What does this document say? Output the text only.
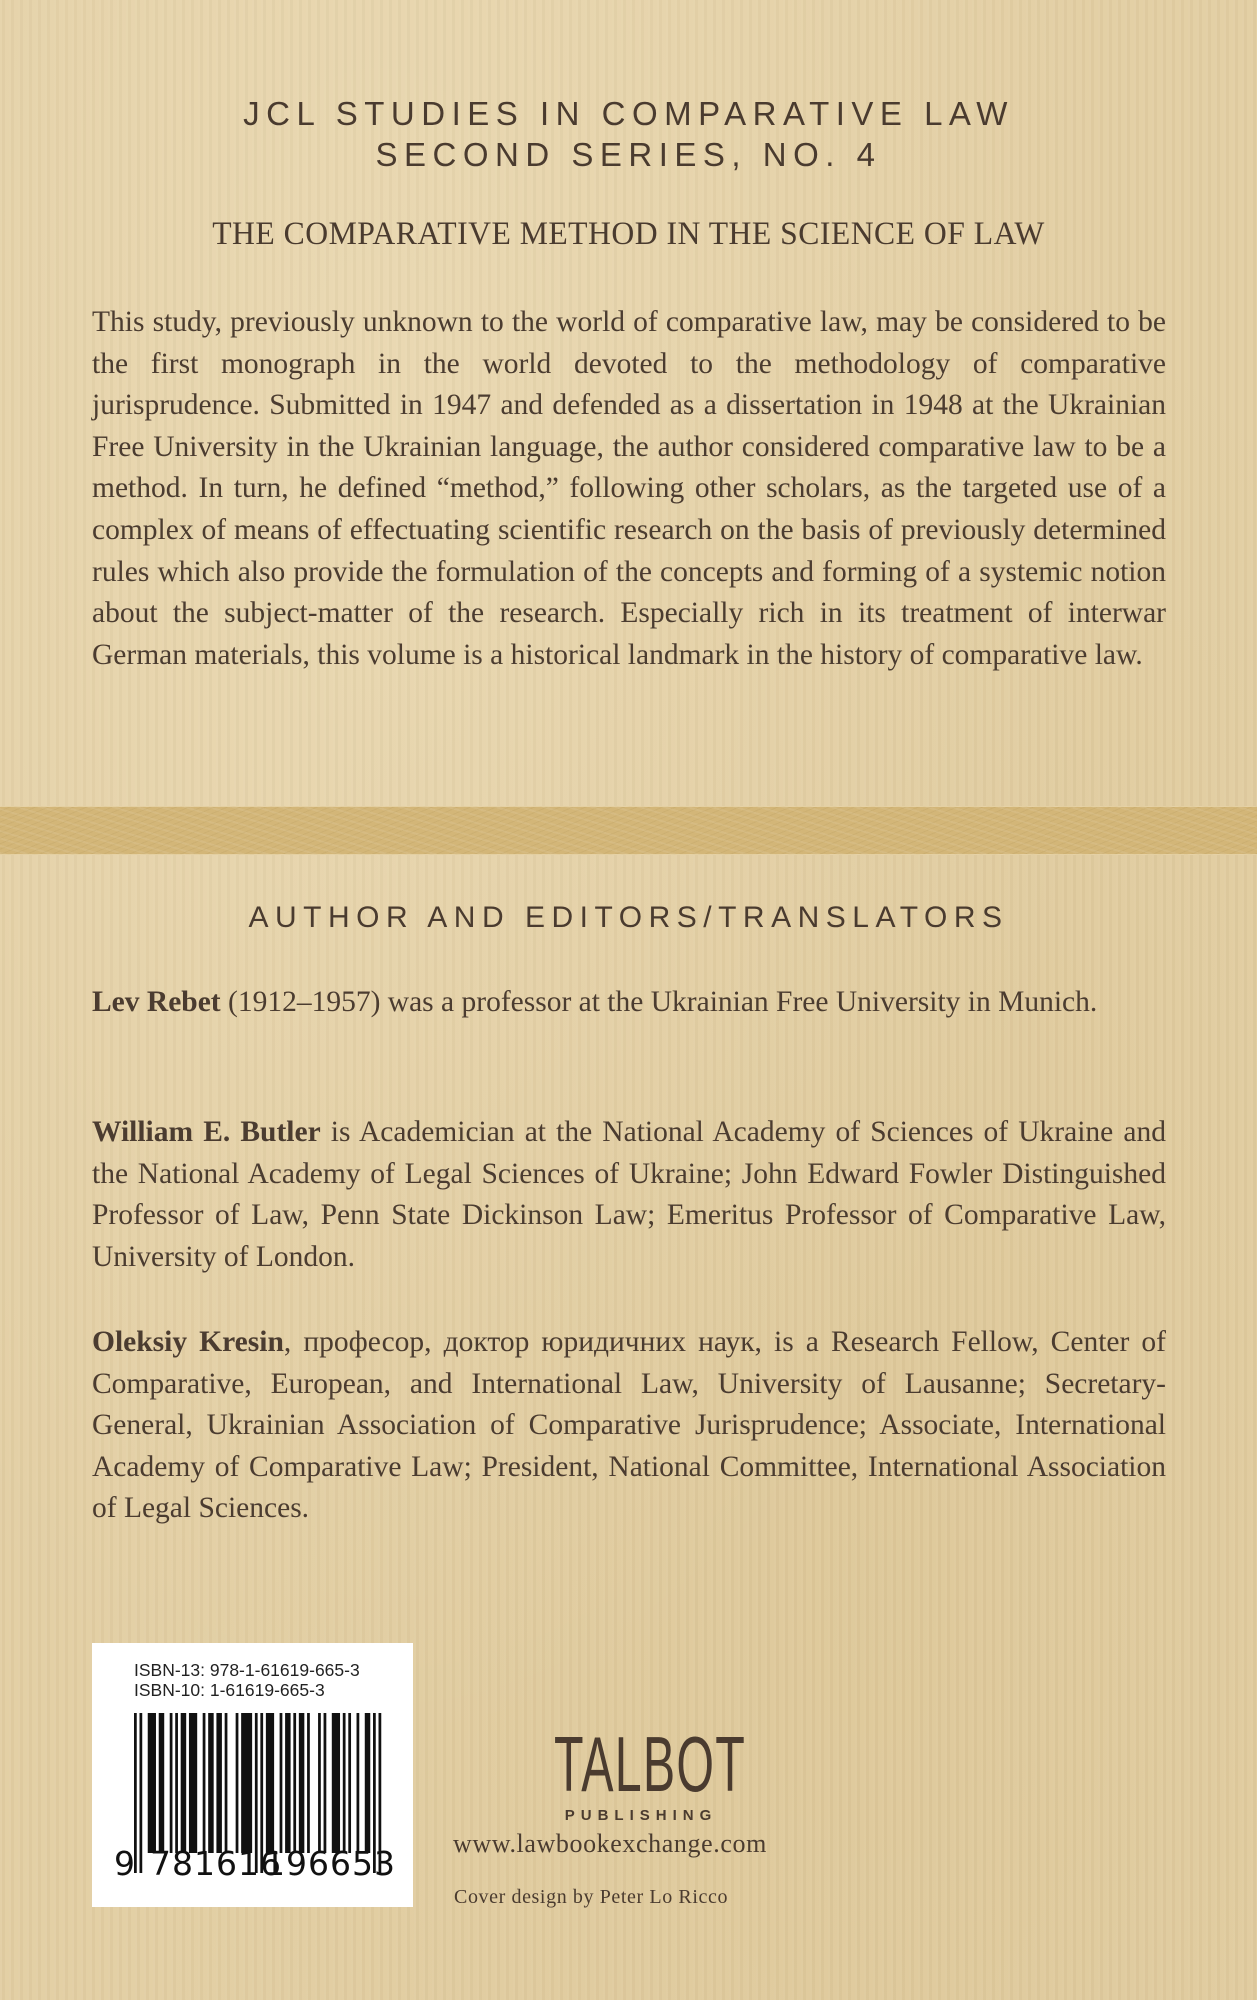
JCL STUDIES IN COMPARATIVE LAW
SECOND SERIES, NO. 4
THE COMPARATIVE METHOD IN THE SCIENCE OF LAW
This study, previously unknown to the world of comparative law, may be considered to be the first monograph in the world devoted to the methodology of comparative jurisprudence. Submitted in 1947 and defended as a dissertation in 1948 at the Ukrainian Free University in the Ukrainian language, the author considered comparative law to be a method. In turn, he defined “method,” following other scholars, as the targeted use of a complex of means of effectuating scientific research on the basis of previously determined rules which also provide the formulation of the concepts and forming of a systemic notion about the subject-matter of the research. Especially rich in its treatment of interwar German materials, this volume is a historical landmark in the history of comparative law.
AUTHOR AND EDITORS/TRANSLATORS
Lev Rebet (1912–1957) was a professor at the Ukrainian Free University in Munich.
William E. Butler is Academician at the National Academy of Sciences of Ukraine and the National Academy of Legal Sciences of Ukraine; John Edward Fowler Distinguished Professor of Law, Penn State Dickinson Law; Emeritus Professor of Comparative Law, University of London.
Oleksiy Kresin, професор, доктор юридичних наук, is a Research Fellow, Center of Comparative, European, and International Law, University of Lausanne; Secretary-General, Ukrainian Association of Comparative Jurisprudence; Associate, International Academy of Comparative Law; President, National Committee, International Association of Legal Sciences.
ISBN-13: 978-1-61619-665-3
ISBN-10: 1-61619-665-3
9 781616
196653
TALBOT
PUBLISHING
www.lawbookexchange.com
Cover design by Peter Lo Ricco
